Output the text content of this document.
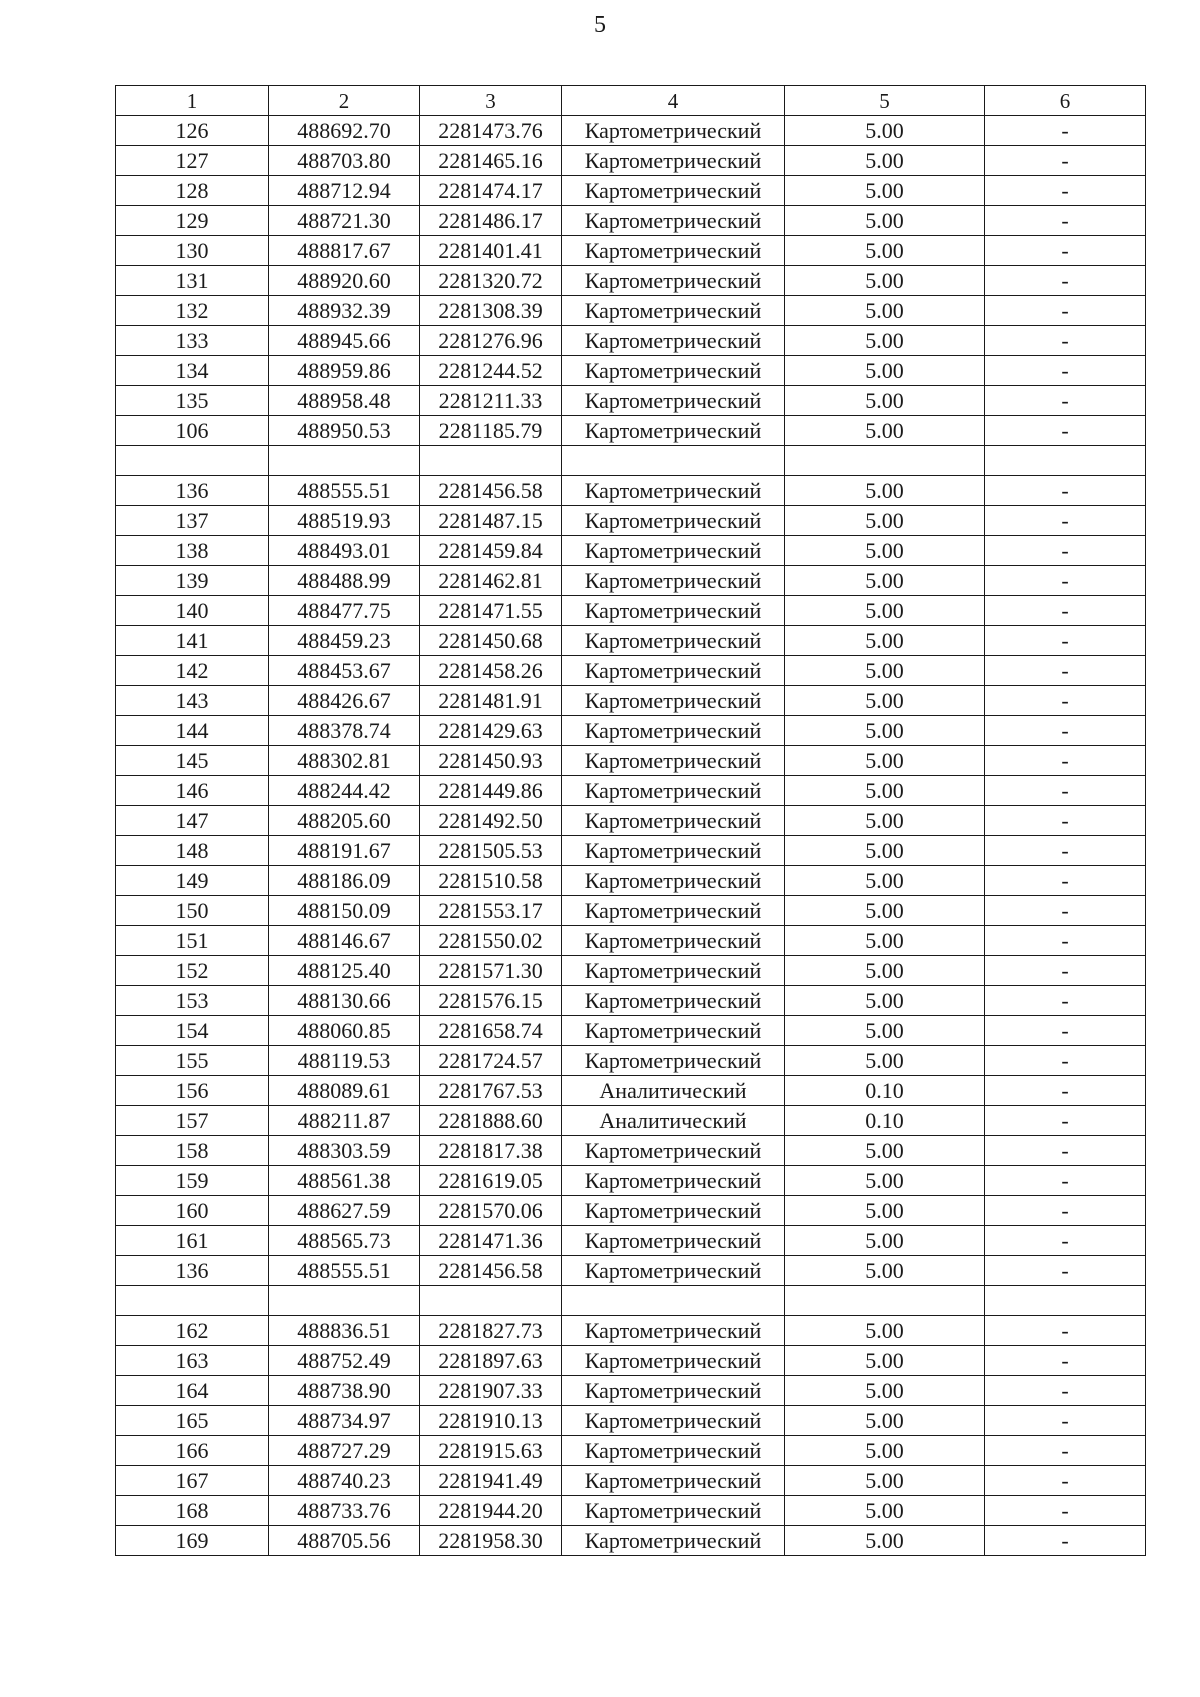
5
1	2	3	4	5	6
126	488692.70	2281473.76	Картометрический	5.00	-
127	488703.80	2281465.16	Картометрический	5.00	-
128	488712.94	2281474.17	Картометрический	5.00	-
129	488721.30	2281486.17	Картометрический	5.00	-
130	488817.67	2281401.41	Картометрический	5.00	-
131	488920.60	2281320.72	Картометрический	5.00	-
132	488932.39	2281308.39	Картометрический	5.00	-
133	488945.66	2281276.96	Картометрический	5.00	-
134	488959.86	2281244.52	Картометрический	5.00	-
135	488958.48	2281211.33	Картометрический	5.00	-
106	488950.53	2281185.79	Картометрический	5.00	-

136	488555.51	2281456.58	Картометрический	5.00	-
137	488519.93	2281487.15	Картометрический	5.00	-
138	488493.01	2281459.84	Картометрический	5.00	-
139	488488.99	2281462.81	Картометрический	5.00	-
140	488477.75	2281471.55	Картометрический	5.00	-
141	488459.23	2281450.68	Картометрический	5.00	-
142	488453.67	2281458.26	Картометрический	5.00	-
143	488426.67	2281481.91	Картометрический	5.00	-
144	488378.74	2281429.63	Картометрический	5.00	-
145	488302.81	2281450.93	Картометрический	5.00	-
146	488244.42	2281449.86	Картометрический	5.00	-
147	488205.60	2281492.50	Картометрический	5.00	-
148	488191.67	2281505.53	Картометрический	5.00	-
149	488186.09	2281510.58	Картометрический	5.00	-
150	488150.09	2281553.17	Картометрический	5.00	-
151	488146.67	2281550.02	Картометрический	5.00	-
152	488125.40	2281571.30	Картометрический	5.00	-
153	488130.66	2281576.15	Картометрический	5.00	-
154	488060.85	2281658.74	Картометрический	5.00	-
155	488119.53	2281724.57	Картометрический	5.00	-
156	488089.61	2281767.53	Аналитический	0.10	-
157	488211.87	2281888.60	Аналитический	0.10	-
158	488303.59	2281817.38	Картометрический	5.00	-
159	488561.38	2281619.05	Картометрический	5.00	-
160	488627.59	2281570.06	Картометрический	5.00	-
161	488565.73	2281471.36	Картометрический	5.00	-
136	488555.51	2281456.58	Картометрический	5.00	-

162	488836.51	2281827.73	Картометрический	5.00	-
163	488752.49	2281897.63	Картометрический	5.00	-
164	488738.90	2281907.33	Картометрический	5.00	-
165	488734.97	2281910.13	Картометрический	5.00	-
166	488727.29	2281915.63	Картометрический	5.00	-
167	488740.23	2281941.49	Картометрический	5.00	-
168	488733.76	2281944.20	Картометрический	5.00	-
169	488705.56	2281958.30	Картометрический	5.00	-
